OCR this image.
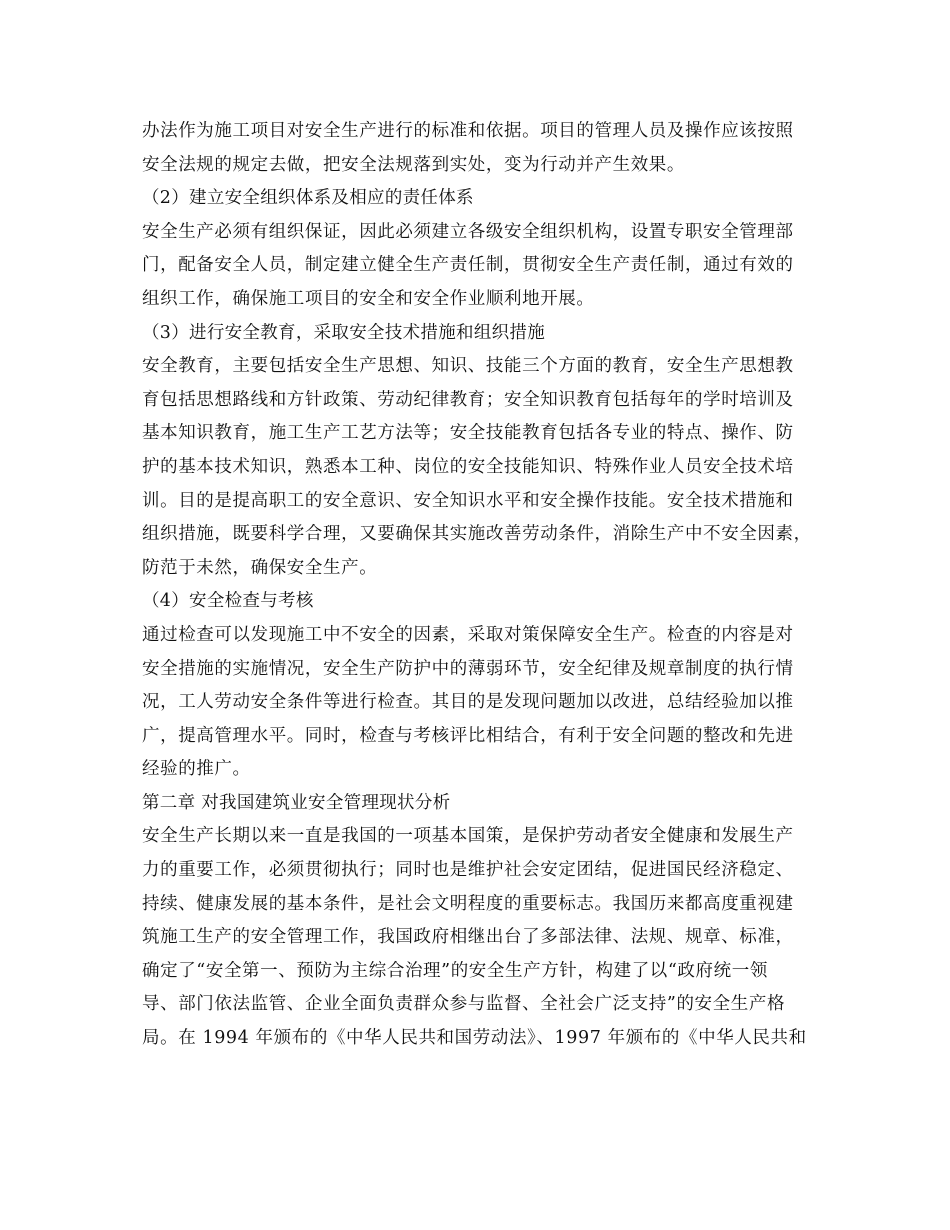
办法作为施工项目对安全生产进行的标准和依据。项目的管理人员及操作应该按照
安全法规的规定去做，把安全法规落到实处，变为行动并产生效果。
（2）建立安全组织体系及相应的责任体系
安全生产必须有组织保证，因此必须建立各级安全组织机构，设置专职安全管理部
门，配备安全人员，制定建立健全生产责任制，贯彻安全生产责任制，通过有效的
组织工作，确保施工项目的安全和安全作业顺利地开展。
（3）进行安全教育，采取安全技术措施和组织措施
安全教育，主要包括安全生产思想、知识、技能三个方面的教育，安全生产思想教
育包括思想路线和方针政策、劳动纪律教育；安全知识教育包括每年的学时培训及
基本知识教育，施工生产工艺方法等；安全技能教育包括各专业的特点、操作、防
护的基本技术知识，熟悉本工种、岗位的安全技能知识、特殊作业人员安全技术培
训。目的是提高职工的安全意识、安全知识水平和安全操作技能。安全技术措施和
组织措施，既要科学合理，又要确保其实施改善劳动条件，消除生产中不安全因素，
防范于未然，确保安全生产。
（4）安全检查与考核
通过检查可以发现施工中不安全的因素，采取对策保障安全生产。检查的内容是对
安全措施的实施情况，安全生产防护中的薄弱环节，安全纪律及规章制度的执行情
况，工人劳动安全条件等进行检查。其目的是发现问题加以改进，总结经验加以推
广，提高管理水平。同时，检查与考核评比相结合，有利于安全问题的整改和先进
经验的推广。
第二章 对我国建筑业安全管理现状分析
安全生产长期以来一直是我国的一项基本国策，是保护劳动者安全健康和发展生产
力的重要工作，必须贯彻执行；同时也是维护社会安定团结，促进国民经济稳定、
持续、健康发展的基本条件，是社会文明程度的重要标志。我国历来都高度重视建
筑施工生产的安全管理工作，我国政府相继出台了多部法律、法规、规章、标准，
确定了“安全第一、预防为主综合治理”的安全生产方针，构建了以“政府统一领
导、部门依法监管、企业全面负责群众参与监督、全社会广泛支持”的安全生产格
局。在 1994 年颁布的《中华人民共和国劳动法》、1997 年颁布的《中华人民共和
